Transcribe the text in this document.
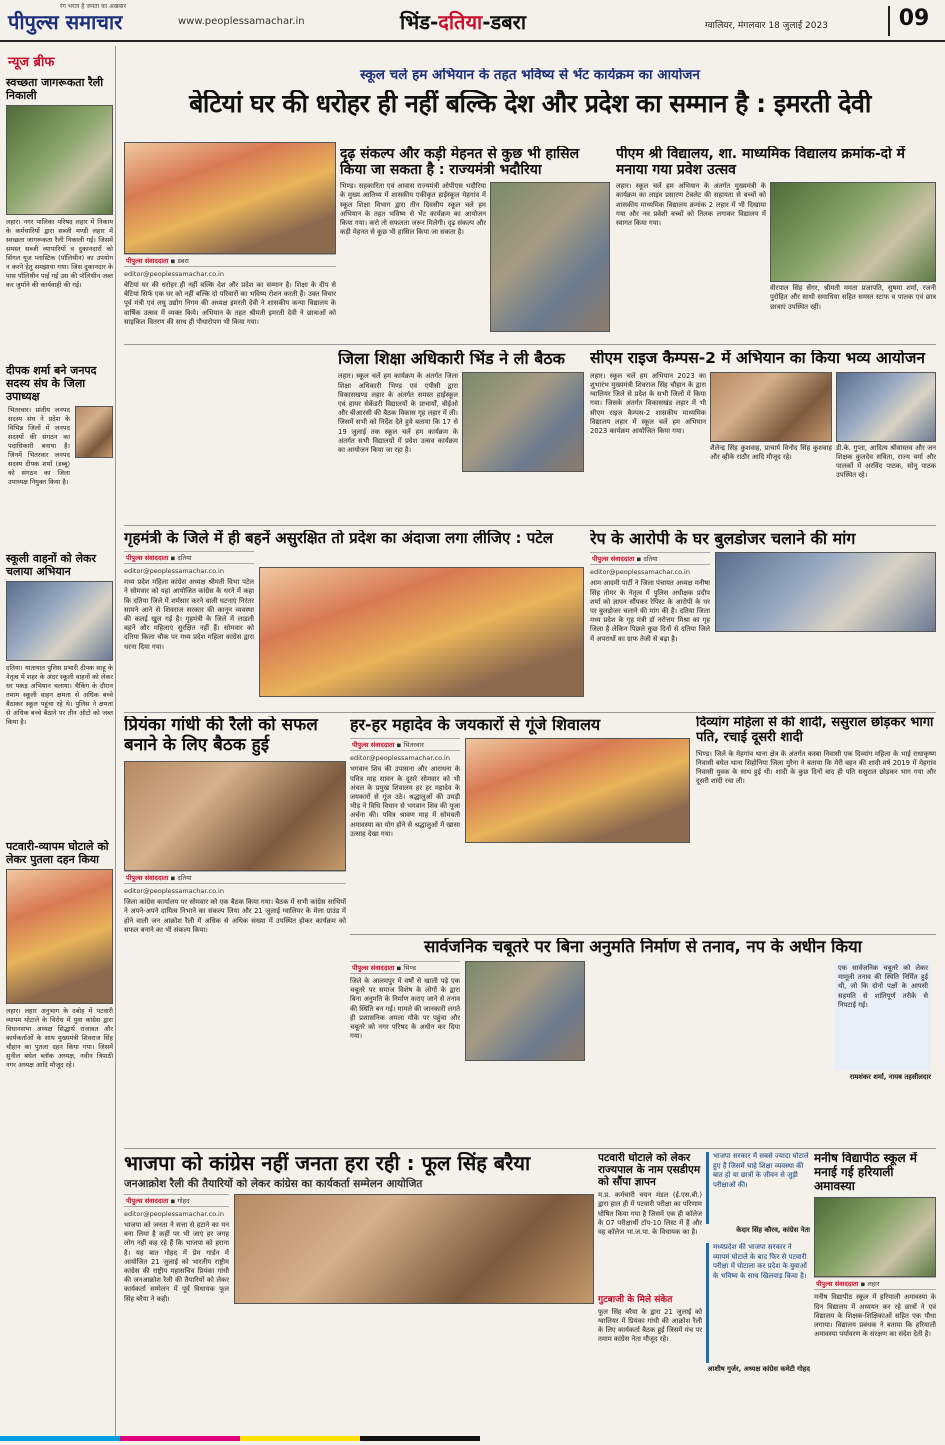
पीपुल्स समाचार
रंग भरता है जनता का अखबार
www.peoplessamachar.in	भिंड-दतिया-डबरा	ग्वालियर, मंगलवार 18 जुलाई 2023	09
न्यूज ब्रीफ
स्वच्छता जागरूकता रैली निकाली
लहार। नगर पालिका परिषद लहार में निकाय के कर्मचारियों द्वारा सब्जी मण्डी लहार में स्वच्छता जागरूकता रैली निकाली गई। जिसमें समस्त सब्जी व्यापारियों व दुकानदारों को सिंगल यूज प्लास्टिक (पॉलिथीन) का उपयोग न करने हेतु समझाया गया। जिस दुकानदार के पास पॉलिथीन पाई गई उस की पॉलिथीन जब्त कर जुर्माने की कार्यवाही की गई।
दीपक शर्मा बने जनपद सदस्य संघ के जिला उपाध्यक्ष
भितरवार। प्रांतीय जनपद सदस्य संघ ने प्रदेश के विभिन्न जिलों में जनपद सदस्यों की संगठन का पदाधिकारी बनाया है। जिनमें भितरवार जनपद सदस्य दीपक शर्मा (डब्बू) को संगठन का जिला उपाध्यक्ष नियुक्त किया है।
स्कूली वाहनों को लेकर चलाया अभियान
दतिया। यातायात पुलिस प्रभारी दीपक साहू के नेतृत्व में शहर के अंदर स्कूली वाहनों को लेकर धर पकड़ अभियान चलाया। चैकिंग के दौरान तमाम स्कूली वाहन क्षमता से अधिक बच्चे बैठाकर स्कूल पहुंचा रहे थे। पुलिस ने क्षमता से अधिक बच्चे बैठाने पर तीन ऑटो को जब्त किया है।
पटवारी-व्यापम घोटाले को लेकर पुतला दहन किया
लहार। लहार अनुभाग के दबोह में पटवारी व्यापम घोटाले के विरोध में युवा कांग्रेस द्वारा विधानसभा अध्यक्ष सिद्धार्थ राजावत और कार्यकर्ताओं के साथ मुख्यमंत्री शिवराज सिंह चौहान का पुतला दहन किया गया। जिसमें सुनील बघेल ब्लॉक अध्यक्ष, नवीन त्रिपाठी नगर अध्यक्ष आदि मौजूद रहे।
स्कूल चले हम अभियान के तहत भविष्य से भेंट कार्यक्रम का आयोजन
बेटियां घर की धरोहर ही नहीं बल्कि देश और प्रदेश का सम्मान है : इमरती देवी
पीपुल्स संवाददाता ◾ डबरा
editor@peoplessamachar.co.in
बेटियां घर की धरोहर ही नहीं बल्कि देश और प्रदेश का सम्मान है। शिक्षा के दीप से बेटियां सिर्फ एक घर को नहीं बल्कि दो परिवारों का भविष्य रोशन करती हैं। उक्त विचार पूर्व मंत्री एवं लघु उद्योग निगम की अध्यक्ष इमरती देवी ने शासकीय कन्या विद्यालय के वार्षिक उत्सव में व्यक्त किये। अभियान के तहत श्रीमती इमरती देवी ने छात्राओं को साइकिल वितरण की साथ ही पौधारोपण भी किया गया।
दृढ़ संकल्प और कड़ी मेहनत से कुछ भी हासिल किया जा सकता है : राज्यमंत्री भदौरिया
भिण्ड। सहकारिता एवं आवास राज्यमंत्री ओपीएस भदौरिया के मुख्य आतिथ्य में शासकीय एकीकृत हाईस्कूल मेहगांव में स्कूल शिक्षा विभाग द्वारा तीन दिवसीय स्कूल चले हम अभियान के तहत भविष्य से भेंट कार्यक्रम का आयोजन किया गया। करो तो सफलता जरूर मिलेगी। दृढ़ संकल्प और कड़ी मेहनत से कुछ भी हासिल किया जा सकता है।
पीएम श्री विद्यालय, शा. माध्यमिक विद्यालय क्रमांक-दो में मनाया गया प्रवेश उत्सव
लहार। स्कूल चलें हम अभियान के अंतर्गत मुख्यमंत्री के कार्यक्रम का लाइव प्रसारण टेबलेट की सहायता से बच्चों को शासकीय माध्यमिक विद्यालय क्रमांक 2 लहार में भी दिखाया गया और नव प्रवेशी बच्चों को तिलक लगाकर विद्यालय में स्वागत किया गया।
वीरपाल सिंह सेंगर, श्रीमती ममता प्रजापति, सुषमा शर्मा, रजनी पुरोहित और साथी समाधिया सहित समस्त स्टाफ व पालक एवं छात्र छात्राएं उपस्थित रहीं।
जिला शिक्षा अधिकारी भिंड ने ली बैठक
लहार। स्कूल चलें हम कार्यक्रम के अंतर्गत जिला शिक्षा अधिकारी भिण्ड एवं एपीसी द्वारा विकासखण्ड लहार के अंतर्गत समस्त हाईस्कूल एवं हायर सेकेंडरी विद्यालयों के प्राचार्यों, बीईओ और बीआरसी की बैठक विकास गृह लहार में ली। जिसमें सभी को निर्देश देते हुये बताया कि 17 से 19 जुलाई तक स्कूल चलें हम कार्यक्रम के अंतर्गत सभी विद्यालयों में प्रवेश उत्सव कार्यक्रम का आयोजन किया जा रहा है।
सीएम राइज कैम्पस-2 में अभियान का किया भव्य आयोजन
लहार। स्कूल चलें हम अभियान 2023 का शुभारंभ मुख्यमंत्री शिवराज सिंह चौहान के द्वारा ग्वालियर जिले से प्रदेश के सभी जिलों में किया गया। जिसके अंतर्गत विकासखंड लहार में भी सीएम राइज कैम्पस-2 शासकीय माध्यमिक विद्यालय लहार में स्कूल चलें हम अभियान 2023 कार्यक्रम आयोजित किया गया।
शैलेन्द्र सिंह कुशवाह, प्राचार्य विनोद सिंह कुशवाह और व्हीके राठौर आदि मौजूद रहे।
डी.के. गुप्ता, आदित्य श्रीवास्तव और जन शिक्षक कुलदेव सविता, राज्य वर्मा और पालकों में अरविंद पाठक, सोनू पाठक उपस्थित रहे।
गृहमंत्री के जिले में ही बहनें असुरक्षित तो प्रदेश का अंदाजा लगा लीजिए : पटेल
पीपुल्स संवाददाता ◾ दतिया
editor@peoplessamachar.co.in
मध्य प्रदेश महिला कांग्रेस अध्यक्ष श्रीमती विभा पटेल ने सोमवार को यहां आयोजित कांग्रेस के धरने में कहा कि दतिया जिले में शर्मसार करने वाली घटनाएं निरंतर सामने आने से शिवराज सरकार की कानून व्यवस्था की कलई खुल गई है। गृहमंत्री के जिले में लाडली बहनें और महिलाएं सुरक्षित नहीं हैं। सोमवार को दतिया किला चौक पर मध्य प्रदेश महिला कांग्रेस द्वारा धरना दिया गया।
रेप के आरोपी के घर बुलडोजर चलाने की मांग
पीपुल्स संवाददाता ◾ दतिया
editor@peoplessamachar.co.in
आम आदमी पार्टी ने जिला पंचायत अध्यक्ष मनीषा सिंह तोमर के नेतृत्व में पुलिस अधीक्षक प्रदीप शर्मा को ज्ञापन सौंपकर रेपिस्ट के आरोपी के घर पर बुलडोजर चलाने की मांग की है। दतिया जिला मध्य प्रदेश के गृह मंत्री डॉ नरोत्तम मिश्रा का गृह जिला है लेकिन पिछले कुछ दिनों से दतिया जिले में अपराधों का ग्राफ तेजी से बढ़ा है।
प्रियंका गांधी की रैली को सफल बनाने के लिए बैठक हुई
पीपुल्स संवाददाता ◾ दतिया
editor@peoplessamachar.co.in
जिला कांग्रेस कार्यालय पर सोमवार को एक बैठक किया गया। बैठक में सभी कांग्रेस साथियों ने अपने-अपने दायित्व निभाने का संकल्प लिया और 21 जुलाई ग्वालियर के मेला ग्राउंड में होने वाली जन आक्रोश रैली में अधिक से अधिक संख्या में उपस्थित होकर कार्यक्रम को सफल बनाने का भी संकल्प किया।
हर-हर महादेव के जयकारों से गूंजे शिवालय
पीपुल्स संवाददाता ◾ भितरवार
editor@peoplessamachar.co.in
भगवान शिव की उपासना और आराधना के पवित्र माह सावन के दूसरे सोमवार को भी अंचल के प्रमुख शिवालय हर हर महादेव के जयकारों से गूंज उठे। श्रद्धालुओं की उमड़ी भीड़ ने विधि विधान से भगवान शिव की पूजा अर्चना की। पवित्र श्रावण माह में सोमवती अमावस्या का योग होने से श्रद्धालुओं में खासा उत्साह देखा गया।
दिव्यांग महिला से की शादी, ससुराल छोड़कर भागा पति, रचाई दूसरी शादी
भिण्ड। जिले के मेहगांव थाना क्षेत्र के अंतर्गत कस्बा निवासी एक दिव्यांग महिला के भाई राधाकृष्ण निवासी बघेल थाना सिहोनिया जिला मुरैना ने बताया कि मेरी बहन की शादी वर्ष 2019 में मेहगांव निवासी युवक के साथ हुई थी। शादी के कुछ दिनों बाद ही पति ससुराल छोड़कर भाग गया और दूसरी शादी रचा ली।
सार्वजनिक चबूतरे पर बिना अनुमति निर्माण से तनाव, नप के अधीन किया
पीपुल्स संवाददाता ◾ भिण्ड
जिले के आलमपुर में वर्षों से खाली पड़े एक चबूतरे पर समाज विशेष के लोगों के द्वारा बिना अनुमति के निर्माण कराए जाने से तनाव की स्थिति बन गई। मामले की जानकारी लगते ही प्रशासनिक अमला मौके पर पहुंचा और चबूतरे को नगर परिषद के अधीन कर दिया गया।
एक सार्वजनिक चबूतरे को लेकर मामूली तनाव की स्थिति निर्मित हुई थी, जो कि दोनों पक्षों के आपसी सहमति से शांतिपूर्ण तरीके से निपटाई गई।
रामशंकर शर्मा, नायब तहसीलदार
भाजपा को कांग्रेस नहीं जनता हरा रही : फूल सिंह बरैया
जनआक्रोश रैली की तैयारियों को लेकर कांग्रेस का कार्यकर्ता सम्मेलन आयोजित
पीपुल्स संवाददाता ◾ गोहद
editor@peoplessamachar.co.in
भाजपा को जनता ने सत्ता से हटाने का मन बना लिया है कहीं पर भी जाएं हर जगह लोग नहीं कह रहे हैं कि भाजपा को हराना है। यह बात गोहद में प्रेम गार्डन में आयोजित 21 जुलाई को भारतीय राष्ट्रीय कांग्रेस की राष्ट्रीय महासचिव प्रियंका गांधी की जनआक्रोश रैली की तैयारियों को लेकर कार्यकर्ता सम्मेलन में पूर्व विधायक फूल सिंह बरैया ने कही।
पटवारी घोटाले को लेकर राज्यपाल के नाम एसडीएम को सौंपा ज्ञापन
म.प्र. कर्मचारी चयन मंडल (ई.एस.बी.) द्वारा हाल ही में पटवारी परीक्षा का परिणाम घोषित किया गया है जिसमें एक ही कॉलेज के 07 परीक्षार्थी टॉप-10 लिस्ट में हैं और वह कॉलेज भा.ज.पा. के विधायक का है।
गुटबाजी के मिले संकेत
फूल सिंह बरैया के द्वारा 21 जुलाई को ग्वालियर में प्रियंका गांधी की आक्रोश रैली के लिए कार्यकर्ता बैठक हुई जिसमें मंच पर तमाम कांग्रेस नेता मौजूद रहे।
भाजपा सरकार में सबसे ज्यादा घोटाले हुए हैं जिसमें चाहे शिक्षा व्यवस्था की बात हो या छात्रों के जीवन से जुड़ी परीक्षाओं की।
केदार सिंह कौरव, कांग्रेस नेता
मध्यप्रदेश की भाजपा सरकार ने व्यापमं घोटाले के बाद फिर से पटवारी परीक्षा में घोटाला कर प्रदेश के युवाओं के भविष्य के साथ खिलवाड़ किया है।
आशीष गुर्जर, अध्यक्ष कांग्रेस कमेटी गोहद
मनीष विद्यापीठ स्कूल में मनाई गई हरियाली अमावस्या
पीपुल्स संवाददाता ◾ लहार
मनीष विद्यापीठ स्कूल में हरियाली अमावस्या के दिन विद्यालय में अध्ययन कर रहे छात्रों ने एवं विद्यालय के शिक्षक-शिक्षिकाओं सहित एक पौधा लगाया। विद्यालय प्रबंधक ने बताया कि हरियाली अमावस्या पर्यावरण के संरक्षण का संदेश देती है।
